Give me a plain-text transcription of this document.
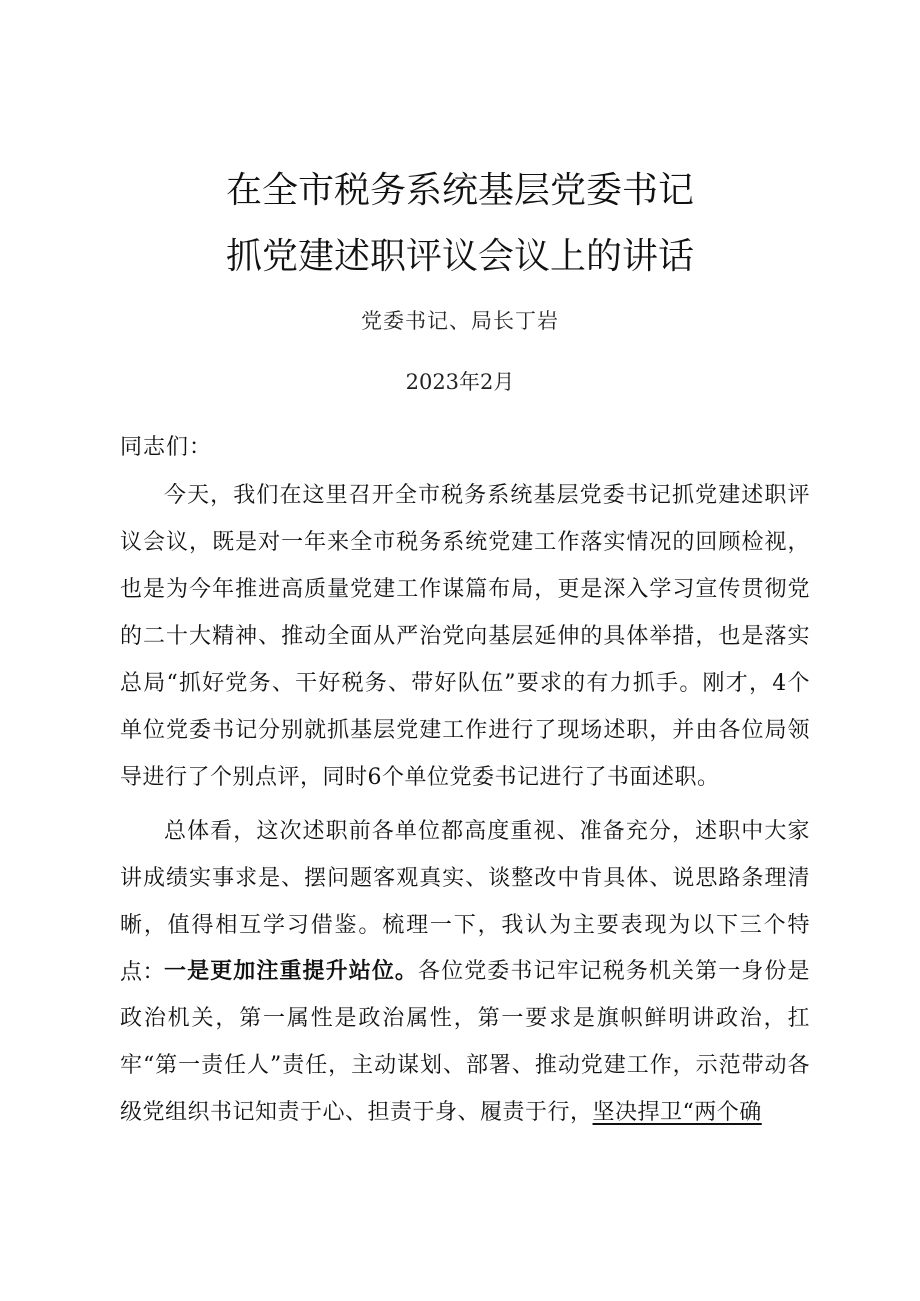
在全市税务系统基层党委书记
抓党建述职评议会议上的讲话
党委书记、局长丁岩
2023年2月
同志们：

今天，我们在这里召开全市税务系统基层党委书记抓党建述职评议会议，既是对一年来全市税务系统党建工作落实情况的回顾检视，也是为今年推进高质量党建工作谋篇布局，更是深入学习宣传贯彻党的二十大精神、推动全面从严治党向基层延伸的具体举措，也是落实总局“抓好党务、干好税务、带好队伍”要求的有力抓手。刚才，4个单位党委书记分别就抓基层党建工作进行了现场述职，并由各位局领导进行了个别点评，同时6个单位党委书记进行了书面述职。

总体看，这次述职前各单位都高度重视、准备充分，述职中大家讲成绩实事求是、摆问题客观真实、谈整改中肯具体、说思路条理清晰，值得相互学习借鉴。梳理一下，我认为主要表现为以下三个特点：

一是更加注重提升站位。各位党委书记牢记税务机关第一身份是政治机关，第一属性是政治属性，第一要求是旗帜鲜明讲政治，扛牢“第一责任人”责任，主动谋划、部署、推动党建工作，示范带动各级党组织书记知责于心、担责于身、履责于行，坚决捍卫“两个确
